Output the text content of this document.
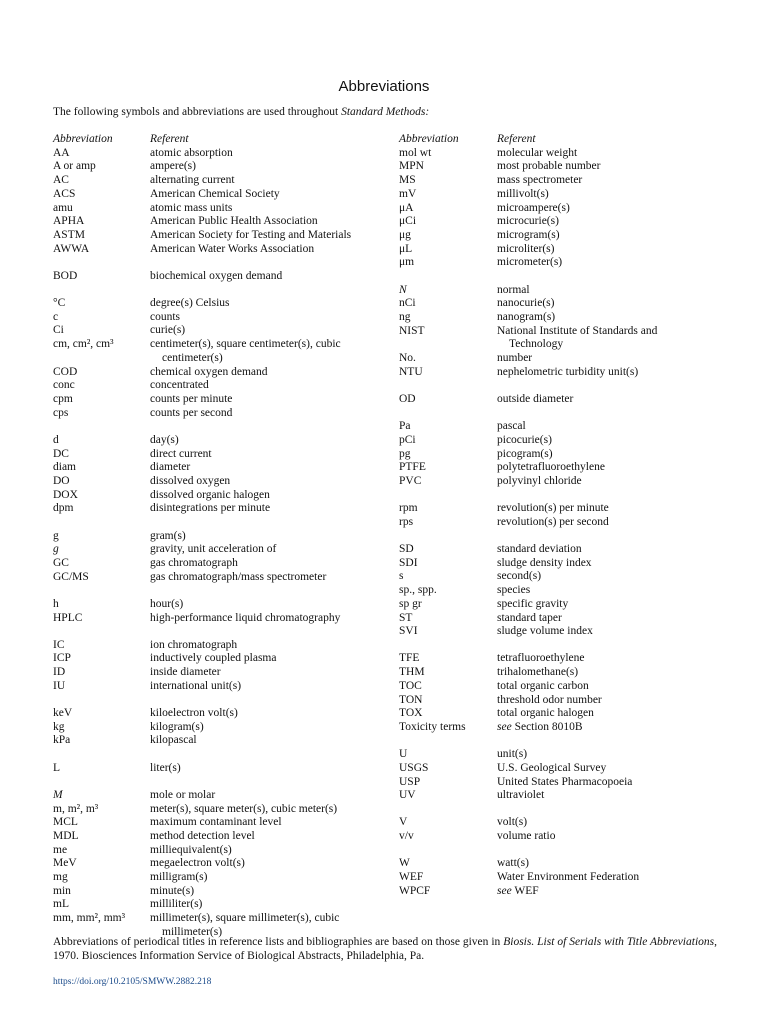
Abbreviations
The following symbols and abbreviations are used throughout Standard Methods:
Abbreviation	Referent
AA	atomic absorption
A or amp	ampere(s)
AC	alternating current
ACS	American Chemical Society
amu	atomic mass units
APHA	American Public Health Association
ASTM	American Society for Testing and Materials
AWWA	American Water Works Association
BOD	biochemical oxygen demand
°C	degree(s) Celsius
c	counts
Ci	curie(s)
cm, cm², cm³	centimeter(s), square centimeter(s), cubic
centimeter(s)
COD	chemical oxygen demand
conc	concentrated
cpm	counts per minute
cps	counts per second
d	day(s)
DC	direct current
diam	diameter
DO	dissolved oxygen
DOX	dissolved organic halogen
dpm	disintegrations per minute
g	gram(s)
g	gravity, unit acceleration of
GC	gas chromatograph
GC/MS	gas chromatograph/mass spectrometer
h	hour(s)
HPLC	high-performance liquid chromatography
IC	ion chromatograph
ICP	inductively coupled plasma
ID	inside diameter
IU	international unit(s)
keV	kiloelectron volt(s)
kg	kilogram(s)
kPa	kilopascal
L	liter(s)
M	mole or molar
m, m², m³	meter(s), square meter(s), cubic meter(s)
MCL	maximum contaminant level
MDL	method detection level
me	milliequivalent(s)
MeV	megaelectron volt(s)
mg	milligram(s)
min	minute(s)
mL	milliliter(s)
mm, mm², mm³ millimeter(s), square millimeter(s), cubic
millimeter(s)
Abbreviation	Referent
mol wt	molecular weight
MPN	most probable number
MS	mass spectrometer
mV	millivolt(s)
μA	microampere(s)
μCi	microcurie(s)
μg	microgram(s)
μL	microliter(s)
μm	micrometer(s)
N	normal
nCi	nanocurie(s)
ng	nanogram(s)
NIST	National Institute of Standards and
Technology
No.	number
NTU	nephelometric turbidity unit(s)
OD	outside diameter
Pa	pascal
pCi	picocurie(s)
pg	picogram(s)
PTFE	polytetrafluoroethylene
PVC	polyvinyl chloride
rpm	revolution(s) per minute
rps	revolution(s) per second
SD	standard deviation
SDI	sludge density index
s	second(s)
sp., spp.	species
sp gr	specific gravity
ST	standard taper
SVI	sludge volume index
TFE	tetrafluoroethylene
THM	trihalomethane(s)
TOC	total organic carbon
TON	threshold odor number
TOX	total organic halogen
Toxicity terms	see Section 8010B
U	unit(s)
USGS	U.S. Geological Survey
USP	United States Pharmacopoeia
UV	ultraviolet
V	volt(s)
v/v	volume ratio
W	watt(s)
WEF	Water Environment Federation
WPCF	see WEF
Abbreviations of periodical titles in reference lists and bibliographies are based on those given in Biosis. List of Serials with Title Abbreviations, 1970. Biosciences Information Service of Biological Abstracts, Philadelphia, Pa.
https://doi.org/10.2105/SMWW.2882.218
